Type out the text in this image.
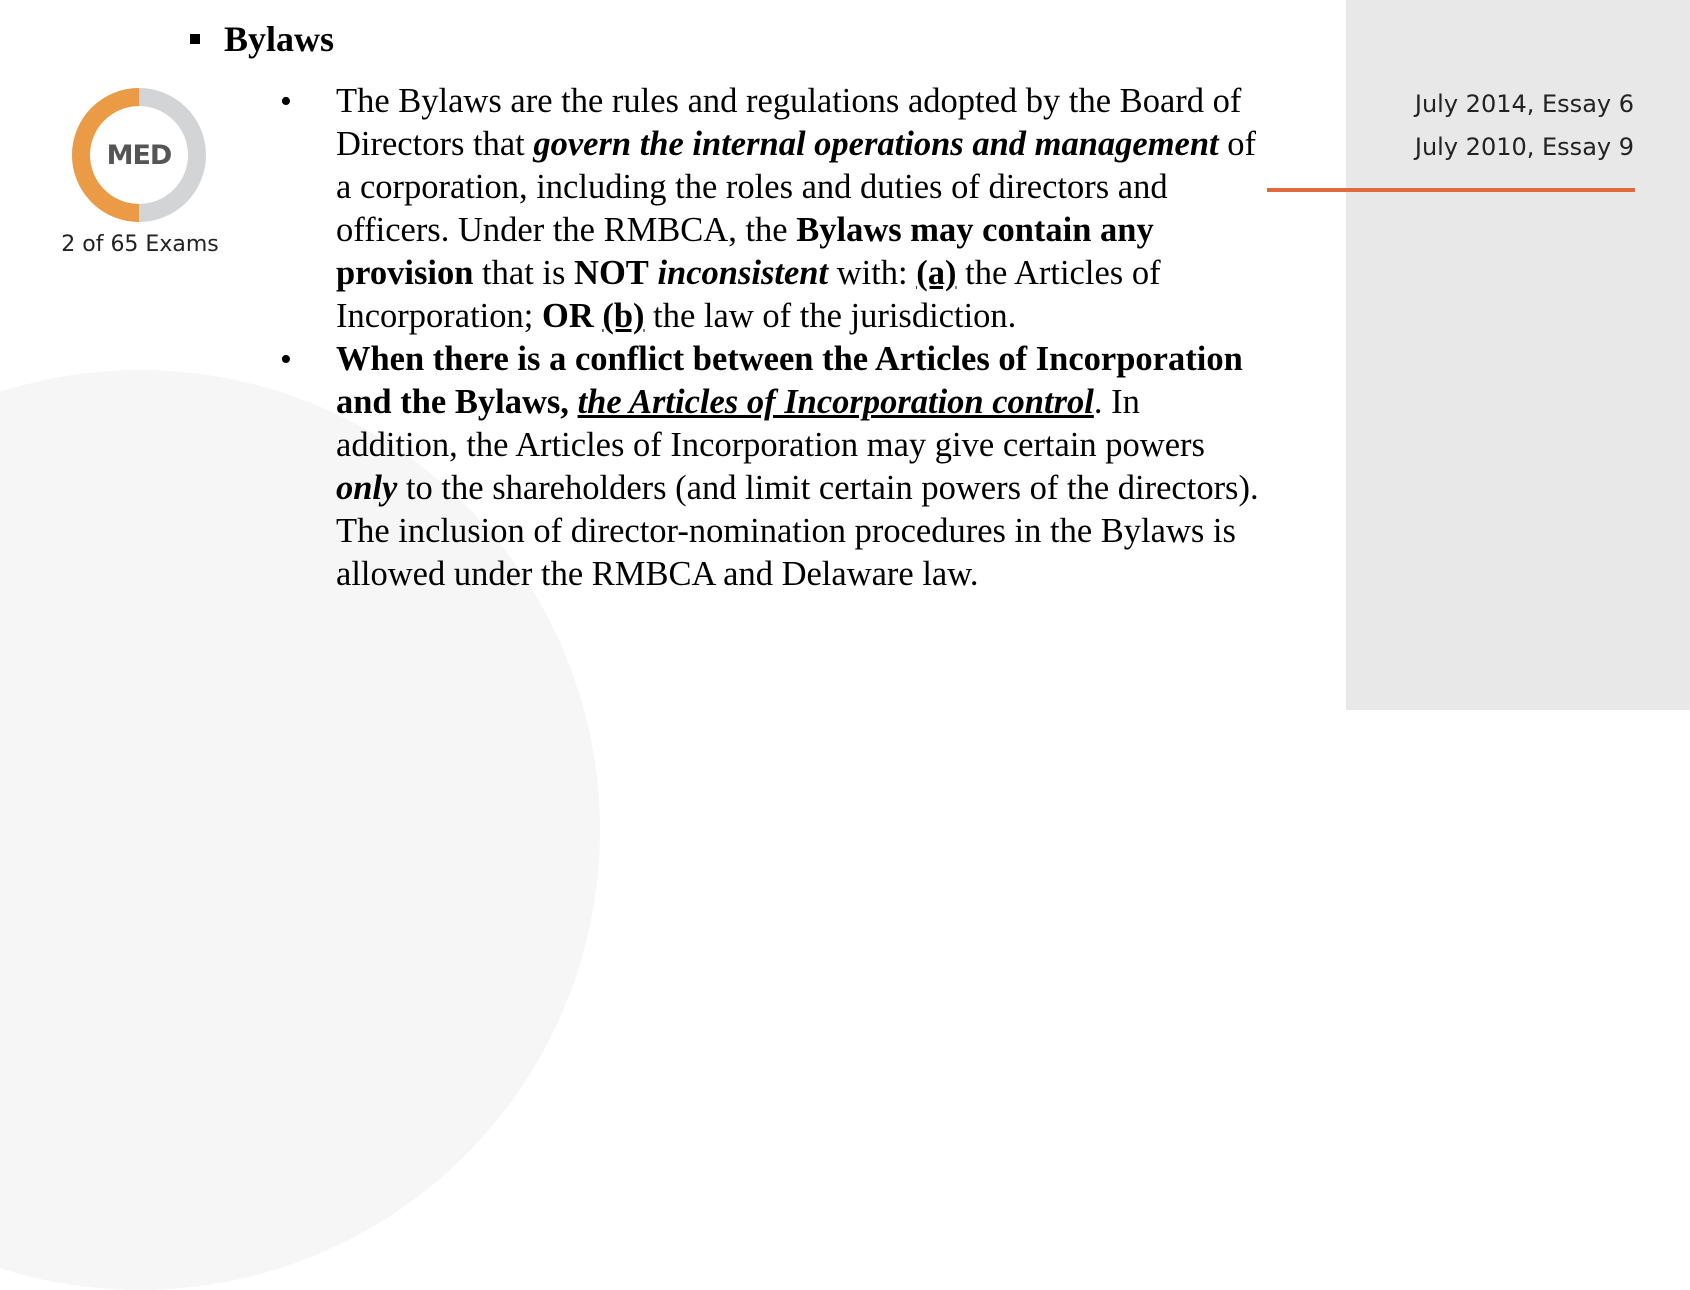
Bylaws
MED
2 of 65 Exams
July 2014, Essay 6
July 2010, Essay 9
• The Bylaws are the rules and regulations adopted by the Board of Directors that govern the internal operations and management of a corporation, including the roles and duties of directors and officers. Under the RMBCA, the Bylaws may contain any provision that is NOT inconsistent with: (a) the Articles of Incorporation; OR (b) the law of the jurisdiction.

• When there is a conflict between the Articles of Incorporation and the Bylaws, the Articles of Incorporation control. In addition, the Articles of Incorporation may give certain powers only to the shareholders (and limit certain powers of the directors). The inclusion of director-nomination procedures in the Bylaws is allowed under the RMBCA and Delaware law.
